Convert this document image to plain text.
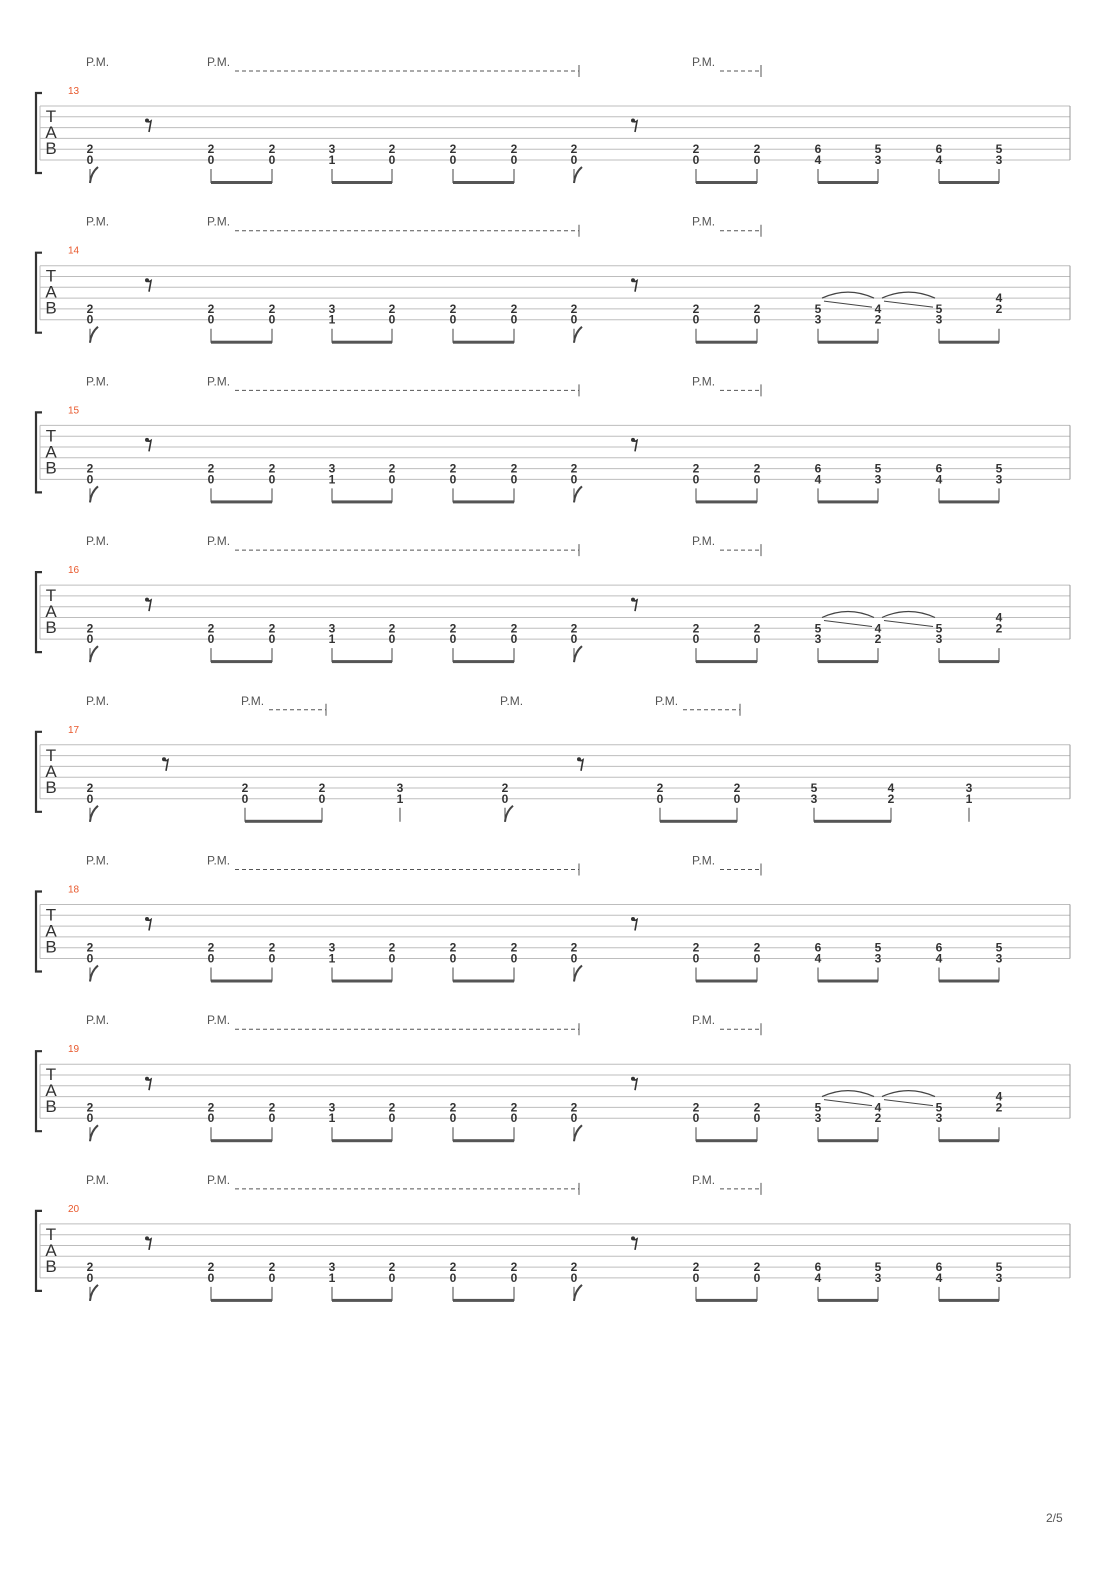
T
A
B
13
P.M.	P.M.	P.M.
2
0
2
0
2
0
3
1
2
0
2
0
2
0
2
0
2
0
2
0
6
4
5
3
6
4
5
3
T
A
B
14
P.M.	P.M.	P.M.
2
0
2
0
2
0
3
1
2
0
2
0
2
0
2
0
2
0
2
0
5
3
4
2
5
3
4
2
T
A
B
15
P.M.	P.M.	P.M.
2
0
2
0
2
0
3
1
2
0
2
0
2
0
2
0
2
0
2
0
6
4
5
3
6
4
5
3
T
A
B
16
P.M.	P.M.	P.M.
2
0
2
0
2
0
3
1
2
0
2
0
2
0
2
0
2
0
2
0
5
3
4
2
5
3
4
2
T
A
B
17
P.M.	P.M.	P.M.	P.M.
2
0
2
0
2
0
3
1
2
0
2
0
2
0
5
3
4
2
3
1
T
A
B
18
P.M.	P.M.	P.M.
2
0
2
0
2
0
3
1
2
0
2
0
2
0
2
0
2
0
2
0
6
4
5
3
6
4
5
3
T
A
B
19
P.M.	P.M.	P.M.
2
0
2
0
2
0
3
1
2
0
2
0
2
0
2
0
2
0
2
0
5
3
4
2
5
3
4
2
T
A
B
20
P.M.	P.M.	P.M.
2
0
2
0
2
0
3
1
2
0
2
0
2
0
2
0
2
0
2
0
6
4
5
3
6
4
5
3
2/5
